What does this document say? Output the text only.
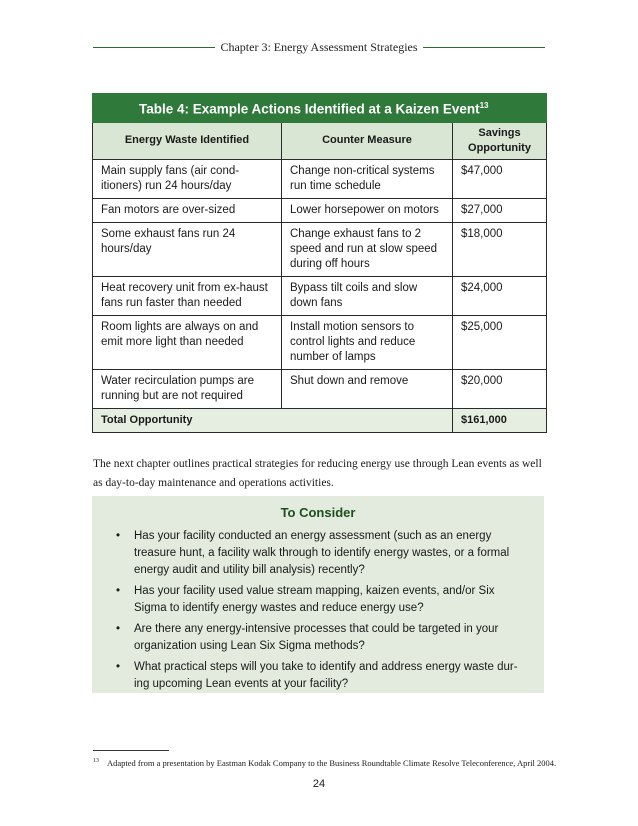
Chapter 3: Energy Assessment Strategies
Table 4: Example Actions Identified at a Kaizen Event$^{13}$
Energy Waste Identified	Counter Measure	Savings Opportunity
Main supply fans (air cond-itioners) run 24 hours/day	Change non-critical systems run time schedule	$47,000
Fan motors are over-sized	Lower horsepower on motors	$27,000
Some exhaust fans run 24 hours/day	Change exhaust fans to 2 speed and run at slow speed during off hours	$18,000
Heat recovery unit from ex-haust fans run faster than needed	Bypass tilt coils and slow down fans	$24,000
Room lights are always on and emit more light than needed	Install motion sensors to control lights and reduce number of lamps	$25,000
Water recirculation pumps are running but are not required	Shut down and remove	$20,000
Total Opportunity		$161,000

The next chapter outlines practical strategies for reducing energy use through Lean events as well as day-to-day maintenance and operations activities.

To Consider
• Has your facility conducted an energy assessment (such as an energy treasure hunt, a facility walk through to identify energy wastes, or a formal energy audit and utility bill analysis) recently?
• Has your facility used value stream mapping, kaizen events, and/or Six Sigma to identify energy wastes and reduce energy use?
• Are there any energy-intensive processes that could be targeted in your organization using Lean Six Sigma methods?
• What practical steps will you take to identify and address energy waste dur-ing upcoming Lean events at your facility?
$^{13}$ Adapted from a presentation by Eastman Kodak Company to the Business Roundtable Climate Resolve Teleconference, April 2004.
24
